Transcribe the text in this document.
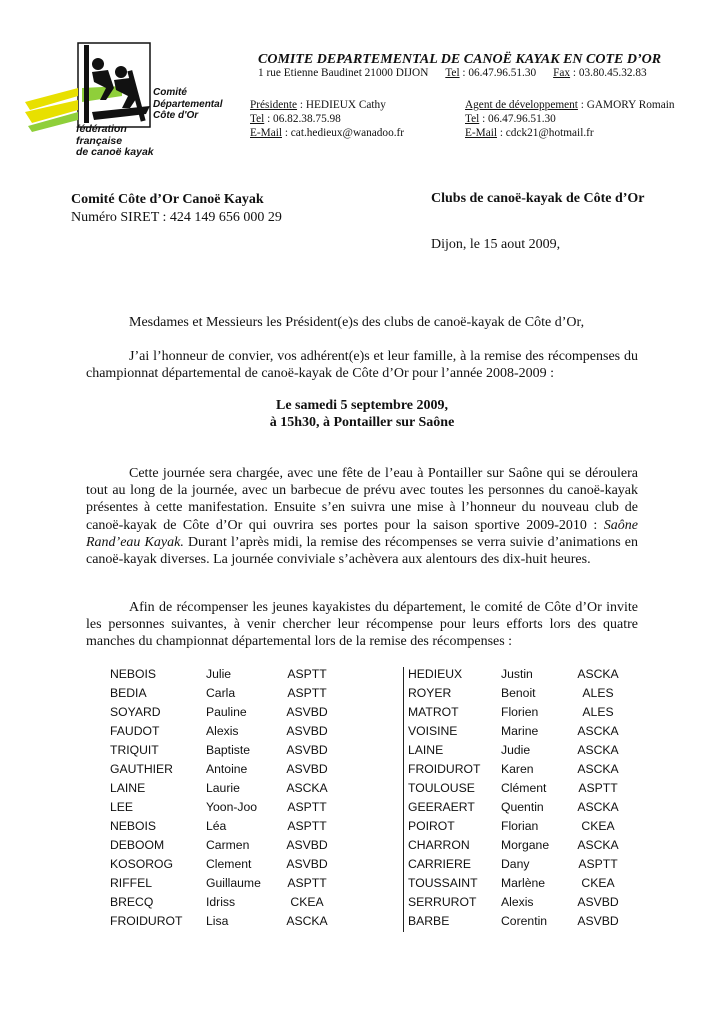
Comité
Départemental
Côte d'Or
fédération
française
de canoë kayak
COMITE DEPARTEMENTAL DE CANOË KAYAK EN COTE D’OR
1 rue Etienne Baudinet 21000 DIJON Tel : 06.47.96.51.30 Fax : 03.80.45.32.83
Présidente : HEDIEUX Cathy
Tel : 06.82.38.75.98
E-Mail : cat.hedieux@wanadoo.fr
Agent de développement : GAMORY Romain
Tel : 06.47.96.51.30
E-Mail : cdck21@hotmail.fr
Comité Côte d’Or Canoë Kayak
Numéro SIRET : 424 149 656 000 29
Clubs de canoë-kayak de Côte d’Or
Dijon, le 15 aout 2009,
Mesdames et Messieurs les Président(e)s des clubs de canoë-kayak de Côte d’Or,
J’ai l’honneur de convier, vos adhérent(e)s et leur famille, à la remise des récompenses du championnat départemental de canoë-kayak de Côte d’Or pour l’année 2008-2009 :
Le samedi 5 septembre 2009,
à 15h30, à Pontailler sur Saône
Cette journée sera chargée, avec une fête de l’eau à Pontailler sur Saône qui se déroulera tout au long de la journée, avec un barbecue de prévu avec toutes les personnes du canoë-kayak présentes à cette manifestation. Ensuite s’en suivra une mise à l’honneur du nouveau club de canoë-kayak de Côte d’Or qui ouvrira ses portes pour la saison sportive 2009-2010 : Saône Rand’eau Kayak. Durant l’après midi, la remise des récompenses se verra suivie d’animations en canoë-kayak diverses. La journée conviviale s’achèvera aux alentours des dix-huit heures.
Afin de récompenser les jeunes kayakistes du département, le comité de Côte d’Or invite les personnes suivantes, à venir chercher leur récompense pour leurs efforts lors des quatre manches du championnat départemental lors de la remise des récompenses :
NEBOIS	Julie	ASPTT
BEDIA	Carla	ASPTT
SOYARD	Pauline	ASVBD
FAUDOT	Alexis	ASVBD
TRIQUIT	Baptiste	ASVBD
GAUTHIER	Antoine	ASVBD
LAINE	Laurie	ASCKA
LEE	Yoon-Joo	ASPTT
NEBOIS	Léa	ASPTT
DEBOOM	Carmen	ASVBD
KOSOROG	Clement	ASVBD
RIFFEL	Guillaume	ASPTT
BRECQ	Idriss	CKEA
FROIDUROT Lisa	ASCKA
HEDIEUX	Justin	ASCKA
ROYER	Benoit	ALES
MATROT	Florien	ALES
VOISINE	Marine	ASCKA
LAINE	Judie	ASCKA
FROIDUROT Karen	ASCKA
TOULOUSE Clément	ASPTT
GEERAERT Quentin	ASCKA
POIROT	Florian	CKEA
CHARRON	Morgane	ASCKA
CARRIERE Dany	ASPTT
TOUSSAINT Marlène	CKEA
SERRUROT Alexis	ASVBD
BARBE	Corentin	ASVBD
